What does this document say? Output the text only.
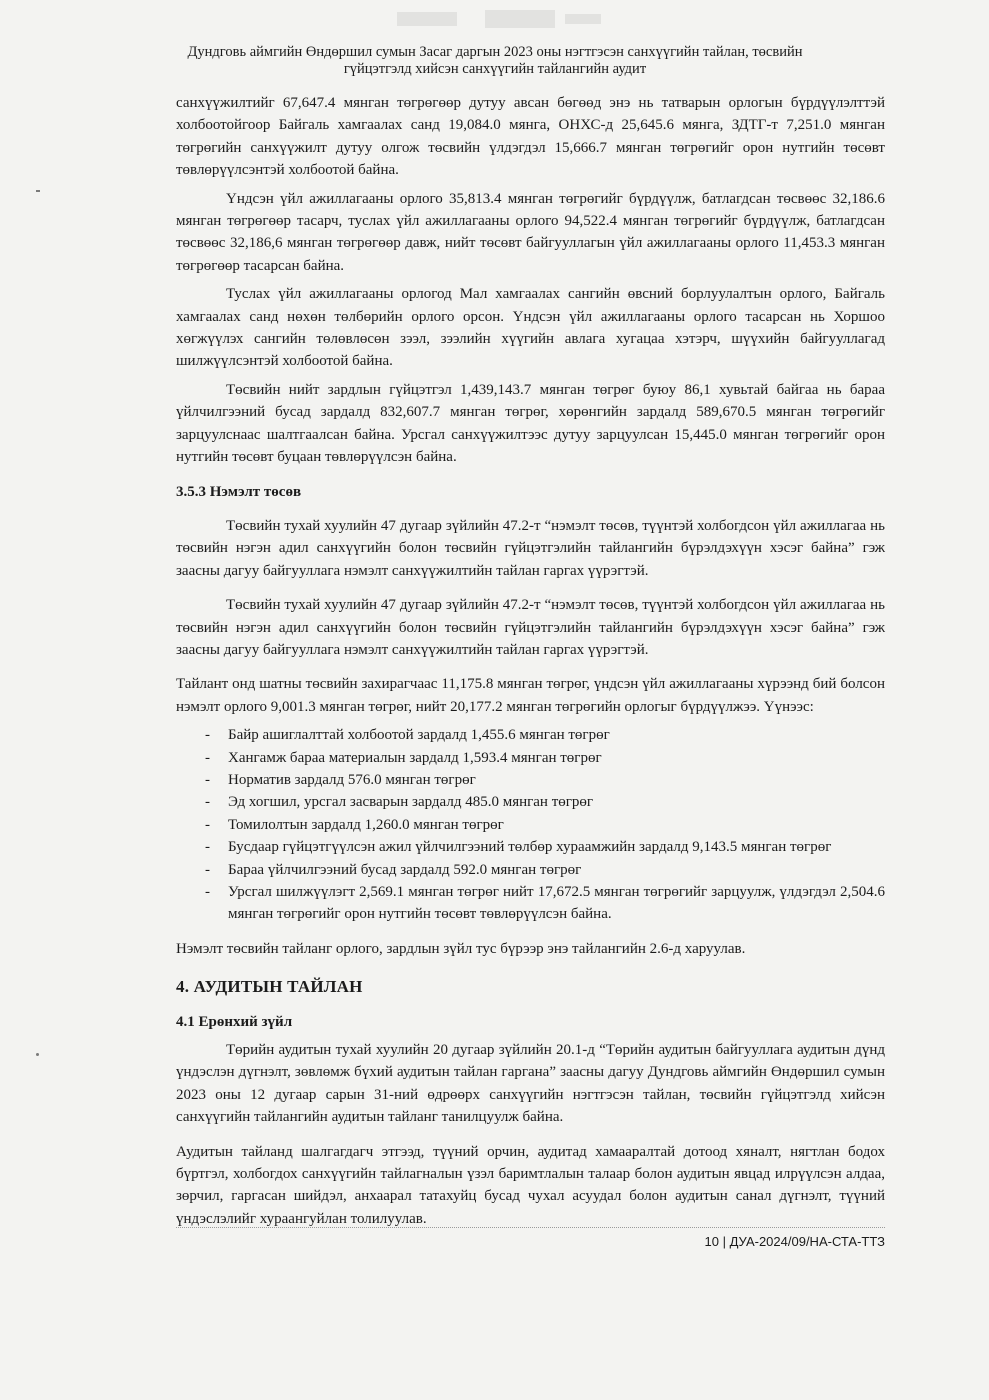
Дундговь аймгийн Өндөршил сумын Засаг даргын 2023 оны нэгтгэсэн санхүүгийн тайлан, төсвийн
гүйцэтгэлд хийсэн санхүүгийн тайлангийн аудит

санхүүжилтийг 67,647.4 мянган төгрөгөөр дутуу авсан бөгөөд энэ нь татварын орлогын бүрдүүлэлттэй холбоотойгоор Байгаль хамгаалах санд 19,084.0 мянга, ОНХС-д 25,645.6 мянга, ЗДТГ-т 7,251.0 мянган төгрөгийн санхүүжилт дутуу олгож төсвийн үлдэгдэл 15,666.7 мянган төгрөгийг орон нутгийн төсөвт төвлөрүүлсэнтэй холбоотой байна.

Үндсэн үйл ажиллагааны орлого 35,813.4 мянган төгрөгийг бүрдүүлж, батлагдсан төсвөөс 32,186.6 мянган төгрөгөөр тасарч, туслах үйл ажиллагааны орлого 94,522.4 мянган төгрөгийг бүрдүүлж, батлагдсан төсвөөс 32,186,6 мянган төгрөгөөр давж, нийт төсөвт байгууллагын үйл ажиллагааны орлого 11,453.3 мянган төгрөгөөр тасарсан байна.

Туслах үйл ажиллагааны орлогод Мал хамгаалах сангийн өвсний борлуулалтын орлого, Байгаль хамгаалах санд нөхөн төлбөрийн орлого орсон. Үндсэн үйл ажиллагааны орлого тасарсан нь Хоршоо хөгжүүлэх сангийн төлөвлөсөн зээл, зээлийн хүүгийн авлага хугацаа хэтэрч, шүүхийн байгууллагад шилжүүлсэнтэй холбоотой байна.

Төсвийн нийт зардлын гүйцэтгэл 1,439,143.7 мянган төгрөг буюу 86,1 хувьтай байгаа нь бараа үйлчилгээний бусад зардалд 832,607.7 мянган төгрөг, хөрөнгийн зардалд 589,670.5 мянган төгрөгийг зарцуулснаас шалтгаалсан байна. Урсгал санхүүжилтээс дутуу зарцуулсан 15,445.0 мянган төгрөгийг орон нутгийн төсөвт буцаан төвлөрүүлсэн байна.

3.5.3 Нэмэлт төсөв

Төсвийн тухай хуулийн 47 дугаар зүйлийн 47.2-т “нэмэлт төсөв, түүнтэй холбогдсон үйл ажиллагаа нь төсвийн нэгэн адил санхүүгийн болон төсвийн гүйцэтгэлийн тайлангийн бүрэлдэхүүн хэсэг байна” гэж заасны дагуу байгууллага нэмэлт санхүүжилтийн тайлан гаргах үүрэгтэй.

Төсвийн тухай хуулийн 47 дугаар зүйлийн 47.2-т “нэмэлт төсөв, түүнтэй холбогдсон үйл ажиллагаа нь төсвийн нэгэн адил санхүүгийн болон төсвийн гүйцэтгэлийн тайлангийн бүрэлдэхүүн хэсэг байна” гэж заасны дагуу байгууллага нэмэлт санхүүжилтийн тайлан гаргах үүрэгтэй.

Тайлант онд шатны төсвийн захирагчаас 11,175.8 мянган төгрөг, үндсэн үйл ажиллагааны хүрээнд бий болсон нэмэлт орлого 9,001.3 мянган төгрөг, нийт 20,177.2 мянган төгрөгийн орлогыг бүрдүүлжээ. Үүнээс:

- Байр ашиглалттай холбоотой зардалд 1,455.6 мянган төгрөг
- Хангамж бараа материалын зардалд 1,593.4 мянган төгрөг
- Норматив зардалд 576.0 мянган төгрөг
- Эд хогшил, урсгал засварын зардалд 485.0 мянган төгрөг
- Томилолтын зардалд 1,260.0 мянган төгрөг
- Бусдаар гүйцэтгүүлсэн ажил үйлчилгээний төлбөр хураамжийн зардалд 9,143.5 мянган төгрөг
- Бараа үйлчилгээний бусад зардалд 592.0 мянган төгрөг
- Урсгал шилжүүлэгт 2,569.1 мянган төгрөг нийт 17,672.5 мянган төгрөгийг зарцуулж, үлдэгдэл 2,504.6 мянган төгрөгийг орон нутгийн төсөвт төвлөрүүлсэн байна.

Нэмэлт төсвийн тайланг орлого, зардлын зүйл тус бүрээр энэ тайлангийн 2.6-д харуулав.

4. АУДИТЫН ТАЙЛАН

4.1 Ерөнхий зүйл

Төрийн аудитын тухай хуулийн 20 дугаар зүйлийн 20.1-д “Төрийн аудитын байгууллага аудитын дүнд үндэслэн дүгнэлт, зөвлөмж бүхий аудитын тайлан гаргана” заасны дагуу Дундговь аймгийн Өндөршил сумын 2023 оны 12 дугаар сарын 31-ний өдрөөрх санхүүгийн нэгтгэсэн тайлан, төсвийн гүйцэтгэлд хийсэн санхүүгийн тайлангийн аудитын тайланг танилцуулж байна.

Аудитын тайланд шалгагдагч этгээд, түүний орчин, аудитад хамааралтай дотоод хяналт, нягтлан бодох бүртгэл, холбогдох санхүүгийн тайлагналын үзэл баримтлалын талаар болон аудитын явцад илрүүлсэн алдаа, зөрчил, гаргасан шийдэл, анхаарал татахуйц бусад чухал асуудал болон аудитын санал дүгнэлт, түүний үндэслэлийг хураангуйлан толилуулав.

10 | ДУА-2024/09/НА-СТА-ТТЗ
